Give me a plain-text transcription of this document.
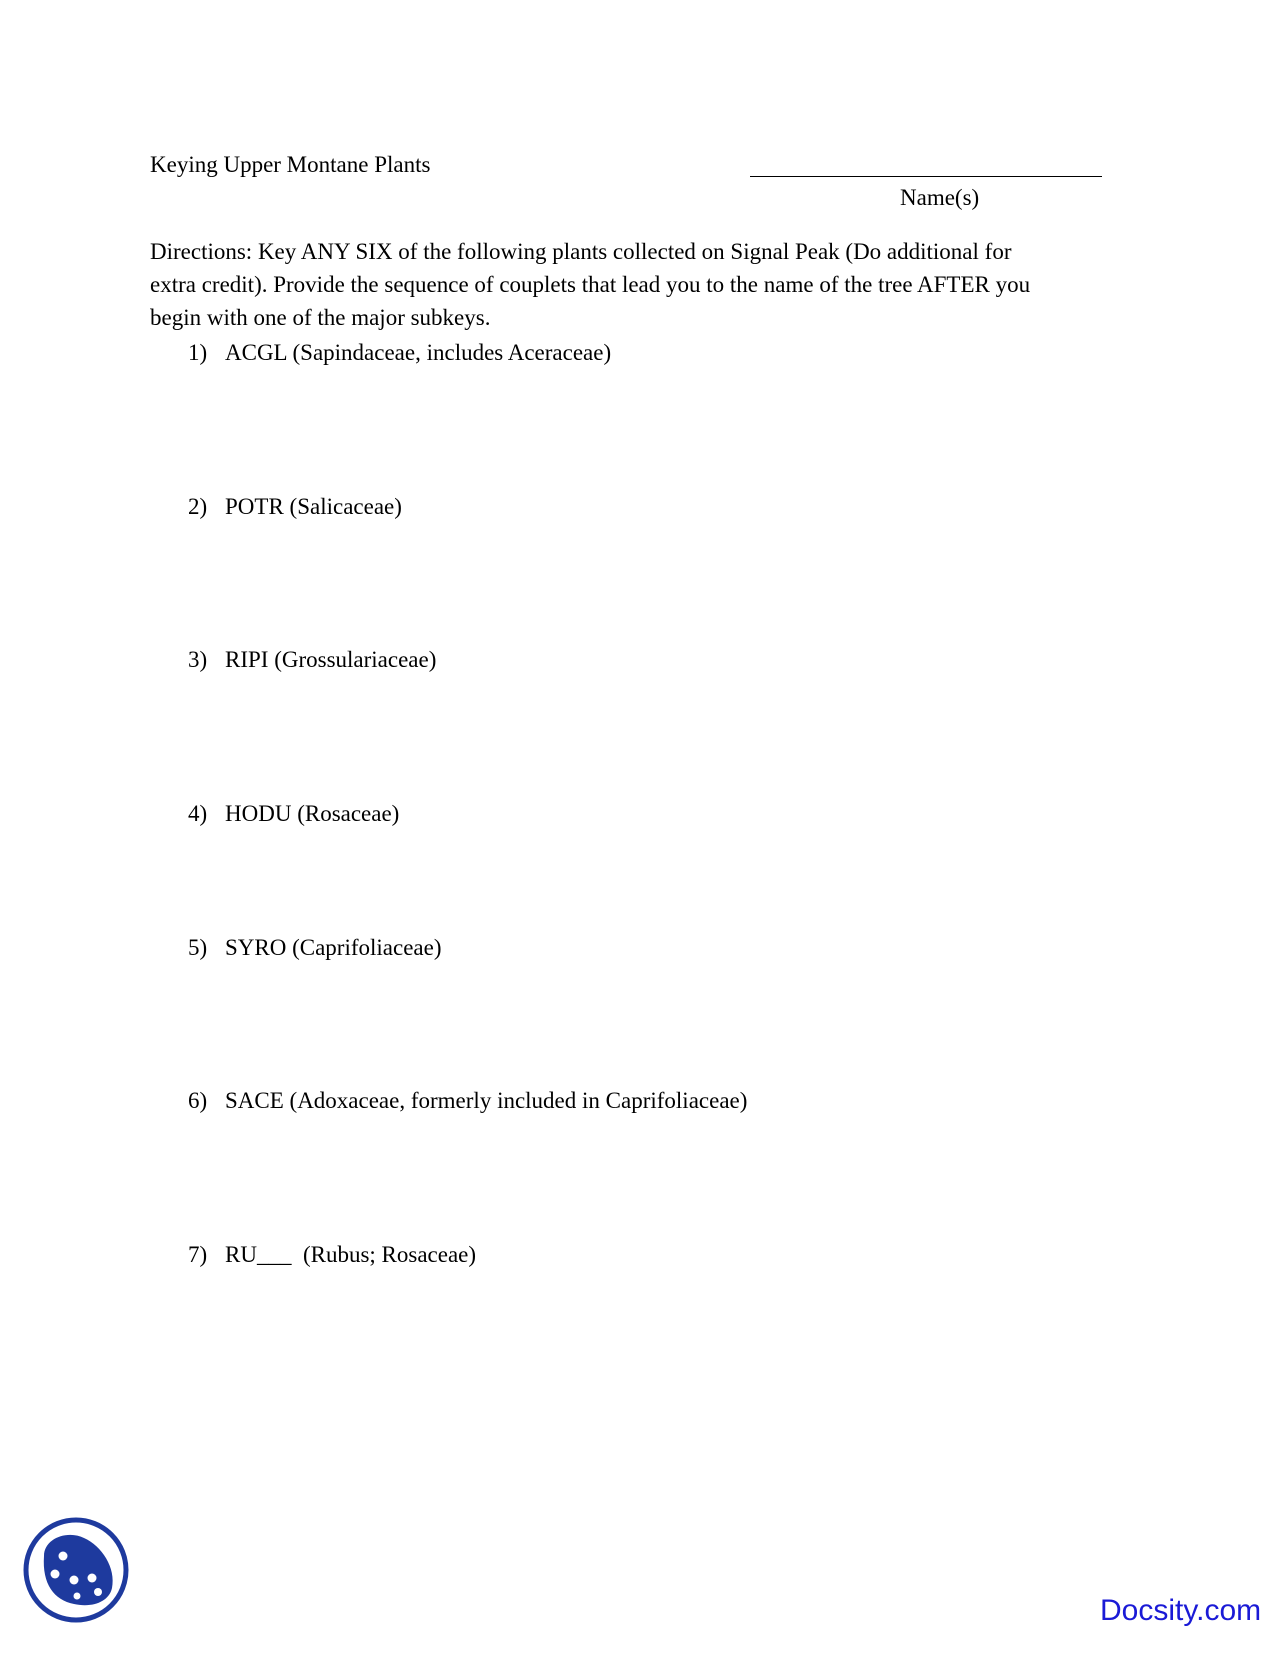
Keying Upper Montane Plants
Name(s)
Directions: Key ANY SIX of the following plants collected on Signal Peak (Do additional for
extra credit). Provide the sequence of couplets that lead you to the name of the tree AFTER you
begin with one of the major subkeys.
1) ACGL (Sapindaceae, includes Aceraceae)
2) POTR (Salicaceae)
3) RIPI (Grossulariaceae)
4) HODU (Rosaceae)
5) SYRO (Caprifoliaceae)
6) SACE (Adoxaceae, formerly included in Caprifoliaceae)
7) RU___  (Rubus; Rosaceae)
Docsity.com
